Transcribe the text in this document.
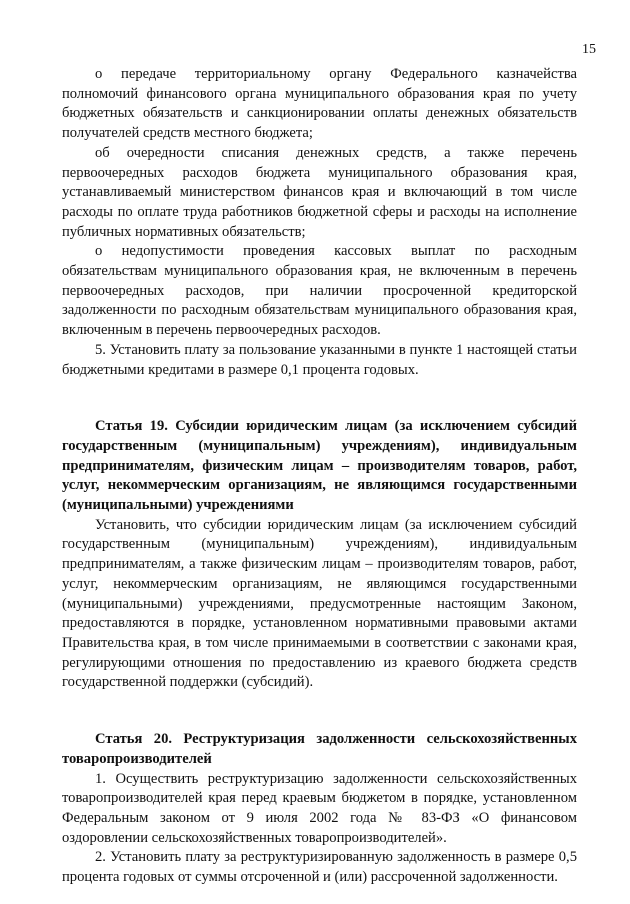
15

о передаче территориальному органу Федерального казначейства полномочий финансового органа муниципального образования края по учету бюджетных обязательств и санкционировании оплаты денежных обязательств получателей средств местного бюджета;

об очередности списания денежных средств, а также перечень первоочередных расходов бюджета муниципального образования края, устанавливаемый министерством финансов края и включающий в том числе расходы по оплате труда работников бюджетной сферы и расходы на исполнение публичных нормативных обязательств;

о недопустимости проведения кассовых выплат по расходным обязательствам муниципального образования края, не включенным в перечень первоочередных расходов, при наличии просроченной кредиторской задолженности по расходным обязательствам муниципального образования края, включенным в перечень первоочередных расходов.

5. Установить плату за пользование указанными в пункте 1 настоящей статьи бюджетными кредитами в размере 0,1 процента годовых.

Статья 19. Субсидии юридическим лицам (за исключением субсидий государственным (муниципальным) учреждениям), индивидуальным предпринимателям, физическим лицам – производителям товаров, работ, услуг, некоммерческим организациям, не являющимся государственными (муниципальными) учреждениями

Установить, что субсидии юридическим лицам (за исключением субсидий государственным (муниципальным) учреждениям), индивидуальным предпринимателям, а также физическим лицам – производителям товаров, работ, услуг, некоммерческим организациям, не являющимся государственными (муниципальными) учреждениями, предусмотренные настоящим Законом, предоставляются в порядке, установленном нормативными правовыми актами Правительства края, в том числе принимаемыми в соответствии с законами края, регулирующими отношения по предоставлению из краевого бюджета средств государственной поддержки (субсидий).

Статья 20. Реструктуризация задолженности сельскохозяйственных товаропроизводителей

1. Осуществить реструктуризацию задолженности сельскохозяйственных товаропроизводителей края перед краевым бюджетом в порядке, установленном Федеральным законом от 9 июля 2002 года № 83-ФЗ «О финансовом оздоровлении сельскохозяйственных товаропроизводителей».

2. Установить плату за реструктуризированную задолженность в размере 0,5 процента годовых от суммы отсроченной и (или) рассроченной задолженности.
